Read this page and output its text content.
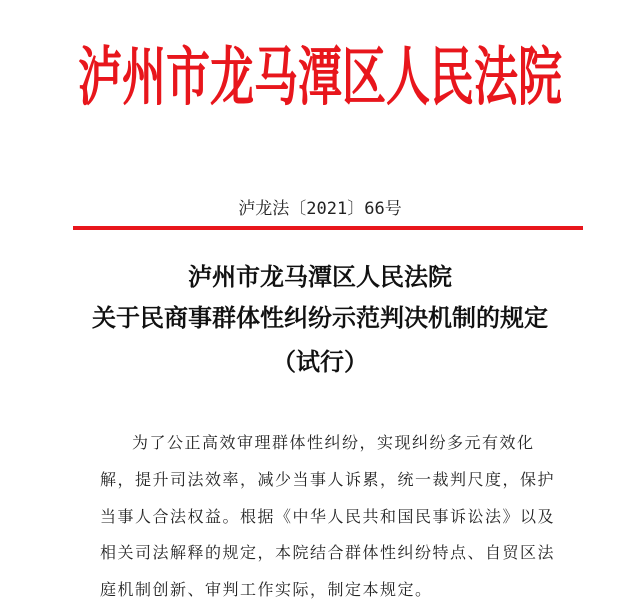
泸州市龙马潭区人民法院
泸龙法〔2021〕66号
泸州市龙马潭区人民法院
关于民商事群体性纠纷示范判决机制的规定
（试行）
为了公正高效审理群体性纠纷，实现纠纷多元有效化
解，提升司法效率，减少当事人诉累，统一裁判尺度，保护
当事人合法权益。根据《中华人民共和国民事诉讼法》以及
相关司法解释的规定，本院结合群体性纠纷特点、自贸区法
庭机制创新、审判工作实际，制定本规定。
